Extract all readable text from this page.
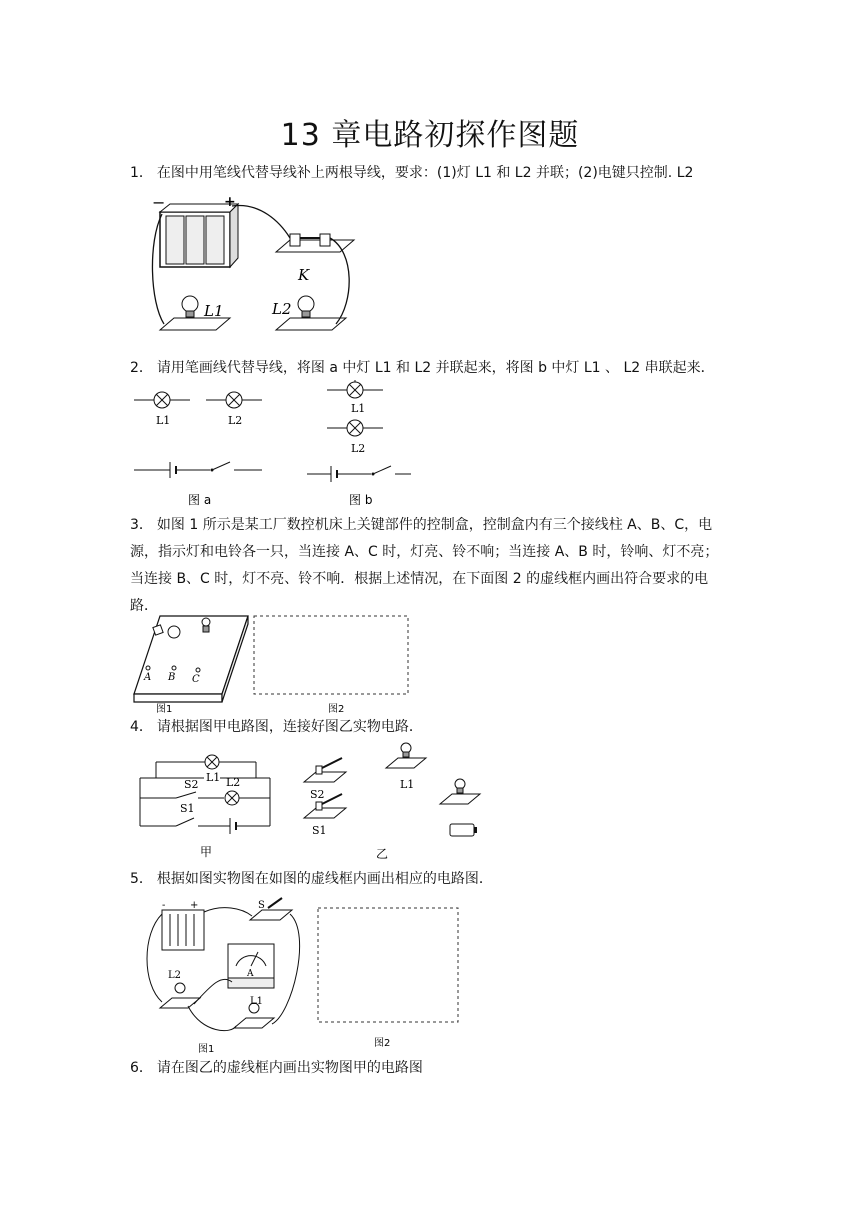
13 章电路初探作图题
1． 在图中用笔线代替导线补上两根导线，要求：(1)灯 L1 和 L2 并联；(2)电键只控制. L2
−	+
K
L1	L2
2． 请用笔画线代替导线，将图 a 中灯 L1 和 L2 并联起来，将图 b 中灯 L1 、 L2 串联起来．
L1	L2
图 a
L1
L2
图 b
3． 如图 1 所示是某工厂数控机床上关键部件的控制盒，控制盒内有三个接线柱 A、B、C，电源，指示灯和电铃各一只，当连接 A、C 时，灯亮、铃不响；当连接 A、B 时，铃响、灯不亮；当连接 B、C 时，灯不亮、铃不响．根据上述情况，在下面图 2 的虚线框内画出符合要求的电路．
A B C
图1	图2
4． 请根据图甲电路图，连接好图乙实物电路．
L1
S2 L2
S1
甲
S2
S1
L1
乙
5． 根据如图实物图在如图的虚线框内画出相应的电路图．
- +	S
A
L2
L1
图1
图2
6． 请在图乙的虚线框内画出实物图甲的电路图
